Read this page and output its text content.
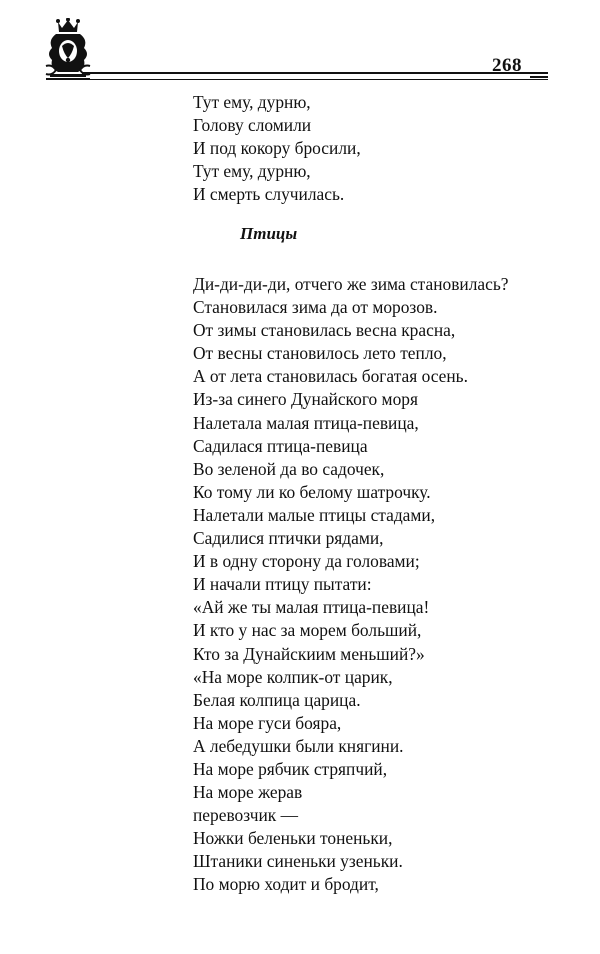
268
Тут ему, дурню,
Голову сломили
И под кокору бросили,
Тут ему, дурню,
И смерть случилась.
Птицы
Ди-ди-ди-ди, отчего же зима становилась?
Становилася зима да от морозов.
От зимы становилась весна красна,
От весны становилось лето тепло,
А от лета становилась богатая осень.
Из-за синего Дунайского моря
Налетала малая птица-певица,
Садилася птица-певица
Во зеленой да во садочек,
Ко тому ли ко белому шатрочку.
Налетали малые птицы стадами,
Садилися птички рядами,
И в одну сторону да головами;
И начали птицу пытати:
«Ай же ты малая птица-певица!
И кто у нас за морем больший,
Кто за Дунайскиим меньший?»
«На море колпик-от царик,
Белая колпица царица.
На море гуси бояра,
А лебедушки были княгини.
На море рябчик стряпчий,
На море жерав
перевозчик —
Ножки беленьки тоненьки,
Штаники синеньки узеньки.
По морю ходит и бродит,
